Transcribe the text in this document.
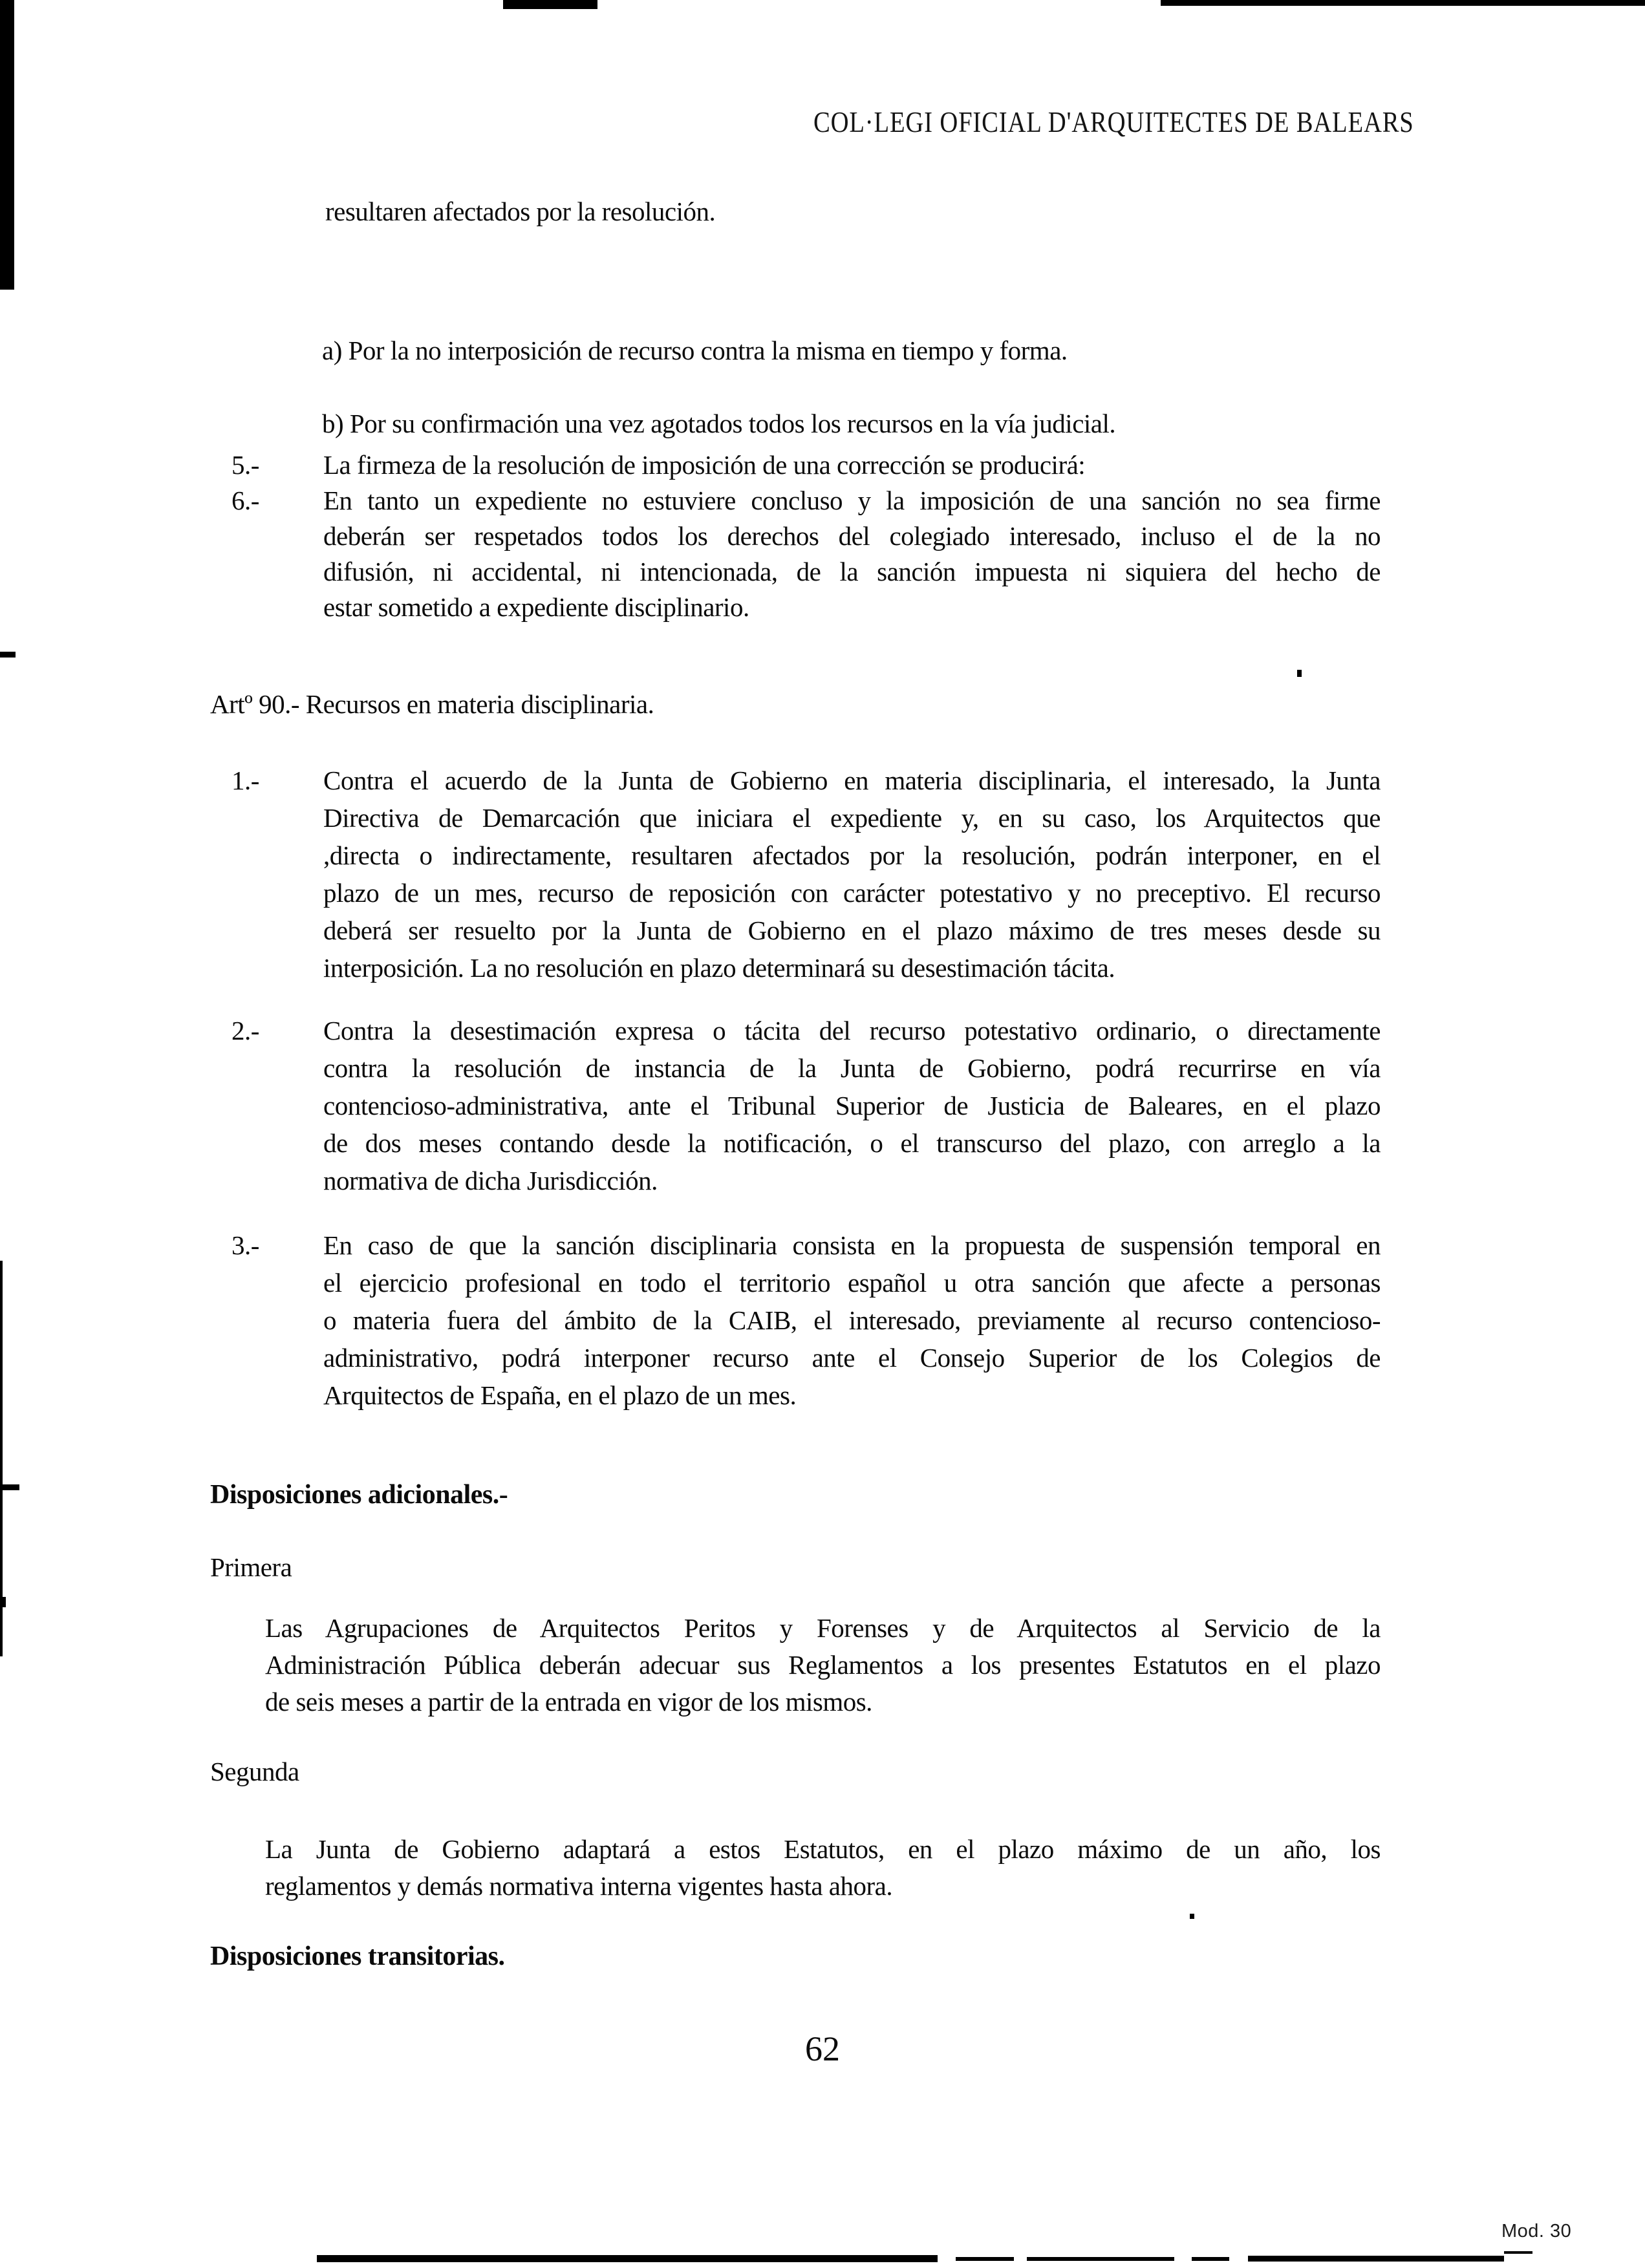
COL·LEGI OFICIAL D'ARQUITECTES DE BALEARS
resultaren afectados por la resolución.
a) Por la no interposición de recurso contra la misma en tiempo y forma.
b) Por su confirmación una vez agotados todos los recursos en la vía judicial.
5.- La firmeza de la resolución de imposición de una corrección se producirá:
6.- En tanto un expediente no estuviere concluso y la imposición de una sanción no sea firme
deberán ser respetados todos los derechos del colegiado interesado, incluso el de la no
difusión, ni accidental, ni intencionada, de la sanción impuesta ni siquiera del hecho de
estar sometido a expediente disciplinario.
Artº 90.- Recursos en materia disciplinaria.
1.- Contra el acuerdo de la Junta de Gobierno en materia disciplinaria, el interesado, la Junta
Directiva de Demarcación que iniciara el expediente y, en su caso, los Arquitectos que
,directa o indirectamente, resultaren afectados por la resolución, podrán interponer, en el
plazo de un mes, recurso de reposición con carácter potestativo y no preceptivo. El recurso
deberá ser resuelto por la Junta de Gobierno en el plazo máximo de tres meses desde su
interposición. La no resolución en plazo determinará su desestimación tácita.
2.- Contra la desestimación expresa o tácita del recurso potestativo ordinario, o directamente
contra la resolución de instancia de la Junta de Gobierno, podrá recurrirse en vía
contencioso-administrativa, ante el Tribunal Superior de Justicia de Baleares, en el plazo
de dos meses contando desde la notificación, o el transcurso del plazo, con arreglo a la
normativa de dicha Jurisdicción.
3.- En caso de que la sanción disciplinaria consista en la propuesta de suspensión temporal en
el ejercicio profesional en todo el territorio español u otra sanción que afecte a personas
o materia fuera del ámbito de la CAIB, el interesado, previamente al recurso contencioso-
administrativo, podrá interponer recurso ante el Consejo Superior de los Colegios de
Arquitectos de España, en el plazo de un mes.
Disposiciones adicionales.-
Primera
Las Agrupaciones de Arquitectos Peritos y Forenses y de Arquitectos al Servicio de la
Administración Pública deberán adecuar sus Reglamentos a los presentes Estatutos en el plazo
de seis meses a partir de la entrada en vigor de los mismos.
Segunda
La Junta de Gobierno adaptará a estos Estatutos, en el plazo máximo de un año, los
reglamentos y demás normativa interna vigentes hasta ahora.
Disposiciones transitorias.
62
Mod. 30
